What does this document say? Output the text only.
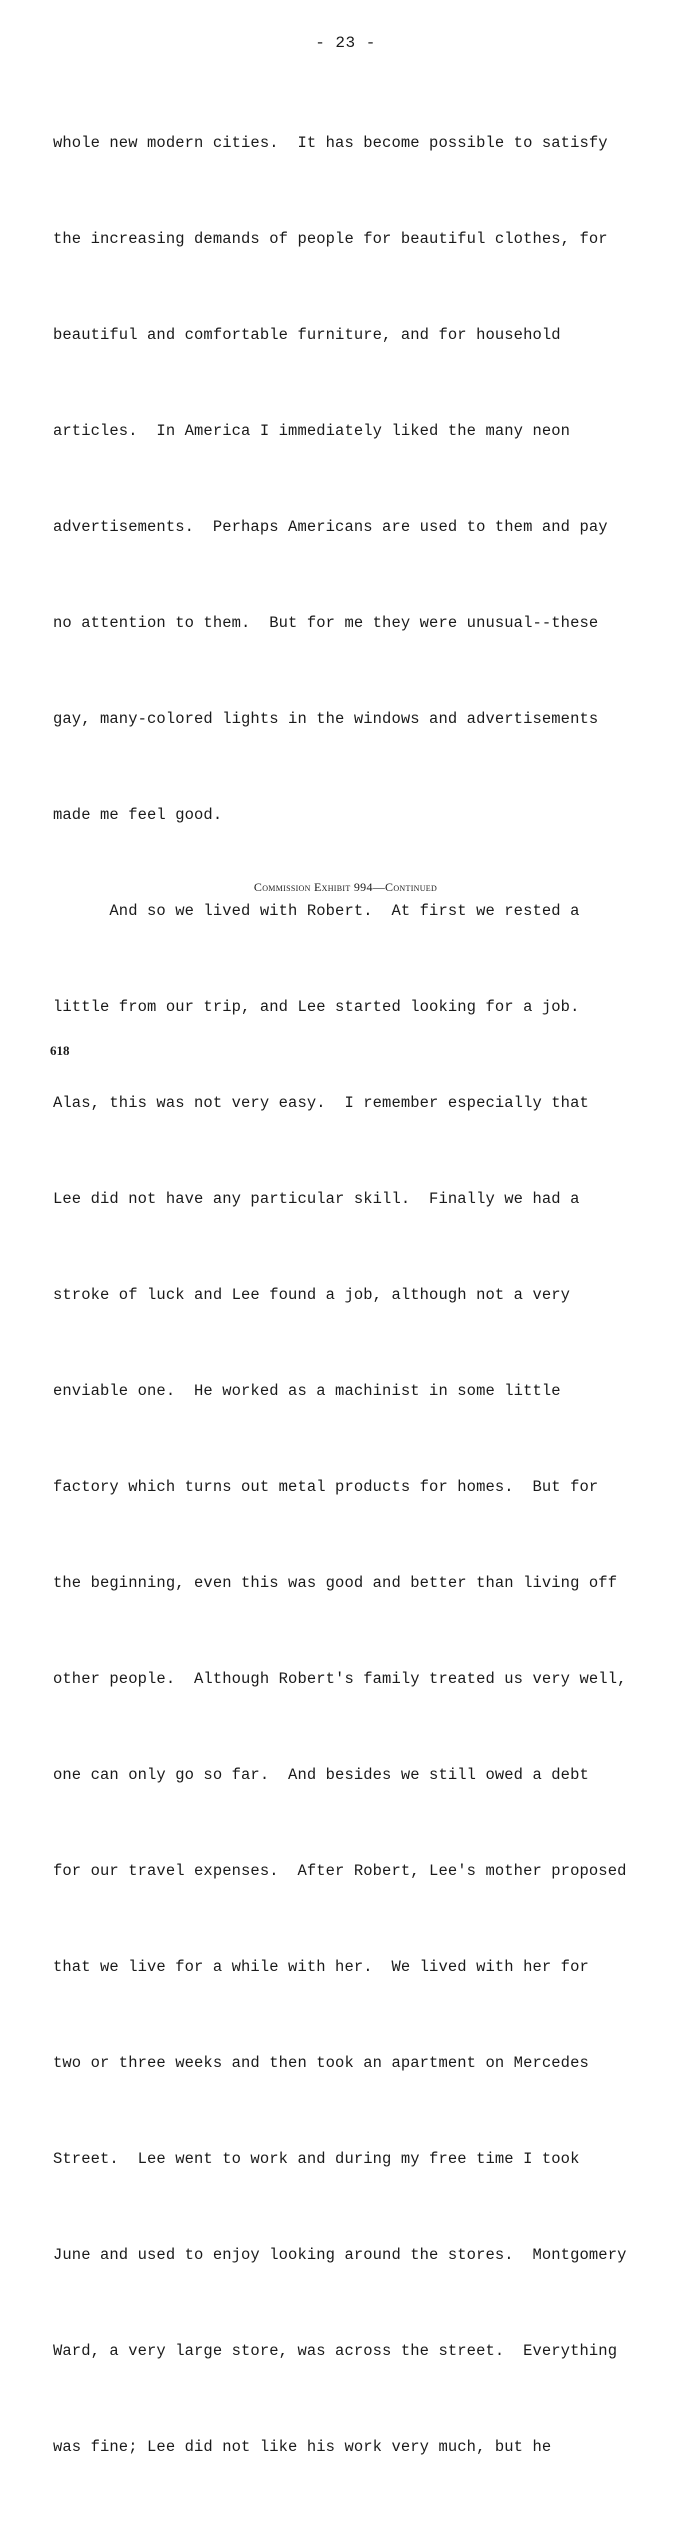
- 23 -

whole new modern cities.  It has become possible to satisfy

the increasing demands of people for beautiful clothes, for

beautiful and comfortable furniture, and for household

articles.  In America I immediately liked the many neon

advertisements.  Perhaps Americans are used to them and pay

no attention to them.  But for me they were unusual--these

gay, many-colored lights in the windows and advertisements

made me feel good.

And so we lived with Robert.  At first we rested a

little from our trip, and Lee started looking for a job.

Alas, this was not very easy.  I remember especially that

Lee did not have any particular skill.  Finally we had a

stroke of luck and Lee found a job, although not a very

enviable one.  He worked as a machinist in some little

factory which turns out metal products for homes.  But for

the beginning, even this was good and better than living off

other people.  Although Robert's family treated us very well,

one can only go so far.  And besides we still owed a debt

for our travel expenses.  After Robert, Lee's mother proposed

that we live for a while with her.  We lived with her for

two or three weeks and then took an apartment on Mercedes

Street.  Lee went to work and during my free time I took

June and used to enjoy looking around the stores.  Montgomery

Ward, a very large store, was across the street.  Everything

was fine; Lee did not like his work very much, but he

Commission Exhibit 994—Continued
618
